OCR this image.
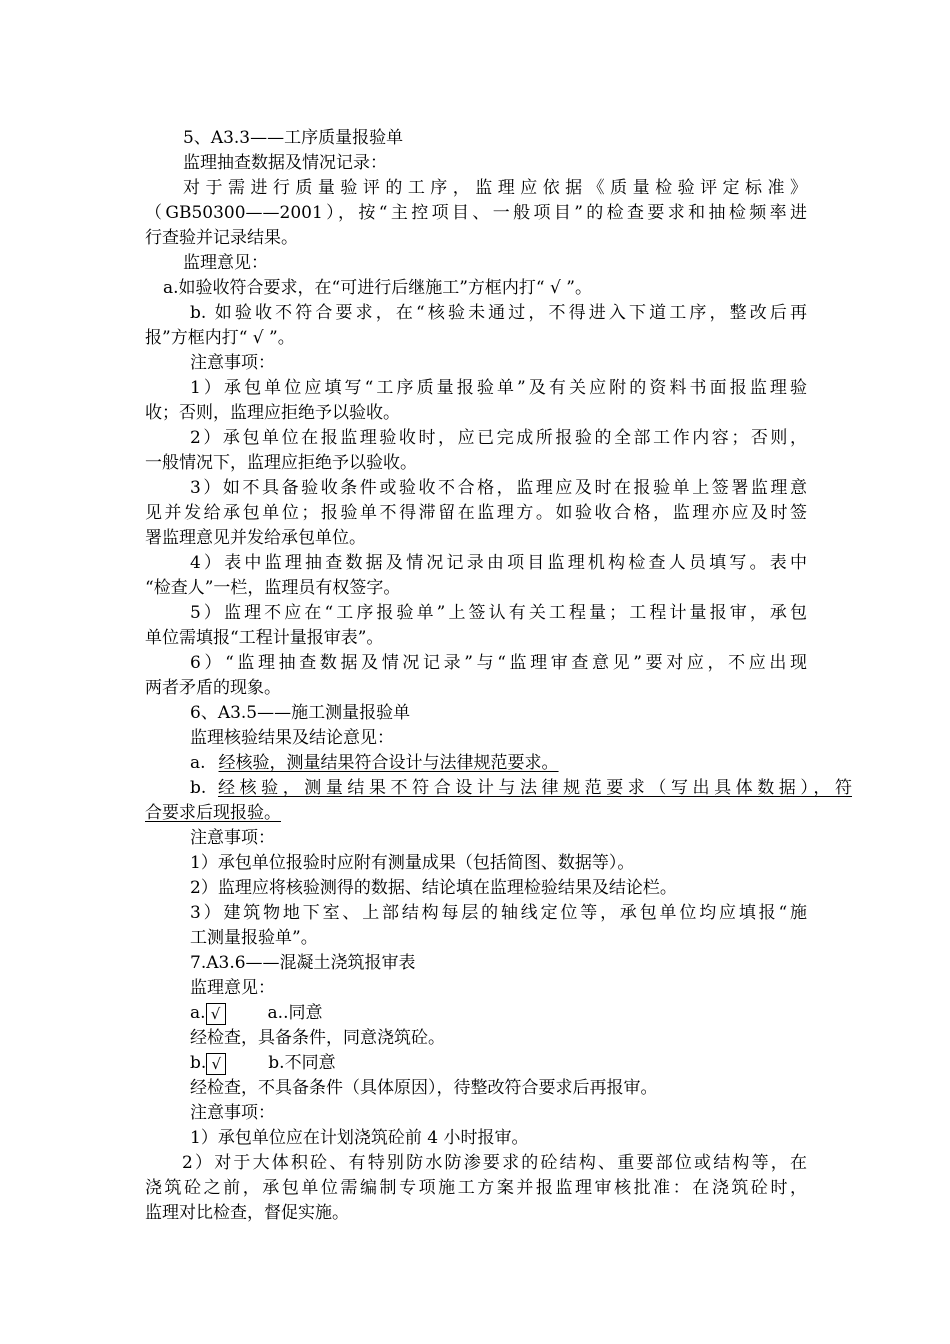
5、A3.3——工序质量报验单
监理抽查数据及情况记录：
对于需进行质量验评的工序，监理应依据《质量检验评定标准》
（GB50300——2001），按“主控项目、一般项目”的检查要求和抽检频率进
行查验并记录结果。
监理意见：
a.如验收符合要求，在“可进行后继施工”方框内打“ √ ”。
b. 如验收不符合要求，在“核验未通过，不得进入下道工序，整改后再
报”方框内打“ √ ”。
注意事项：
1）承包单位应填写“工序质量报验单”及有关应附的资料书面报监理验
收；否则，监理应拒绝予以验收。
2）承包单位在报监理验收时，应已完成所报验的全部工作内容；否则，
一般情况下，监理应拒绝予以验收。
3）如不具备验收条件或验收不合格，监理应及时在报验单上签署监理意
见并发给承包单位；报验单不得滞留在监理方。如验收合格，监理亦应及时签
署监理意见并发给承包单位。
4）表中监理抽查数据及情况记录由项目监理机构检查人员填写。表中
“检查人”一栏，监理员有权签字。
5）监理不应在“工序报验单”上签认有关工程量；工程计量报审，承包
单位需填报“工程计量报审表”。
6）“监理抽查数据及情况记录”与“监理审查意见”要对应，不应出现
两者矛盾的现象。
6、A3.5——施工测量报验单
监理核验结果及结论意见：
a. 经核验，测量结果符合设计与法律规范要求。
b. 经核验，测量结果不符合设计与法律规范要求（写出具体数据），符
合要求后现报验。
注意事项：
1）承包单位报验时应附有测量成果（包括简图、数据等）。
2）监理应将核验测得的数据、结论填在监理检验结果及结论栏。
3）建筑物地下室、上部结构每层的轴线定位等，承包单位均应填报“施
工测量报验单”。
7.A3.6——混凝土浇筑报审表
监理意见：
a. √	a..同意
经检查，具备条件，同意浇筑砼。
b. √	b.不同意
经检查，不具备条件（具体原因），待整改符合要求后再报审。
注意事项：
1）承包单位应在计划浇筑砼前 4 小时报审。
2）对于大体积砼、有特别防水防渗要求的砼结构、重要部位或结构等，在
浇筑砼之前，承包单位需编制专项施工方案并报监理审核批准：在浇筑砼时，
监理对比检查，督促实施。
